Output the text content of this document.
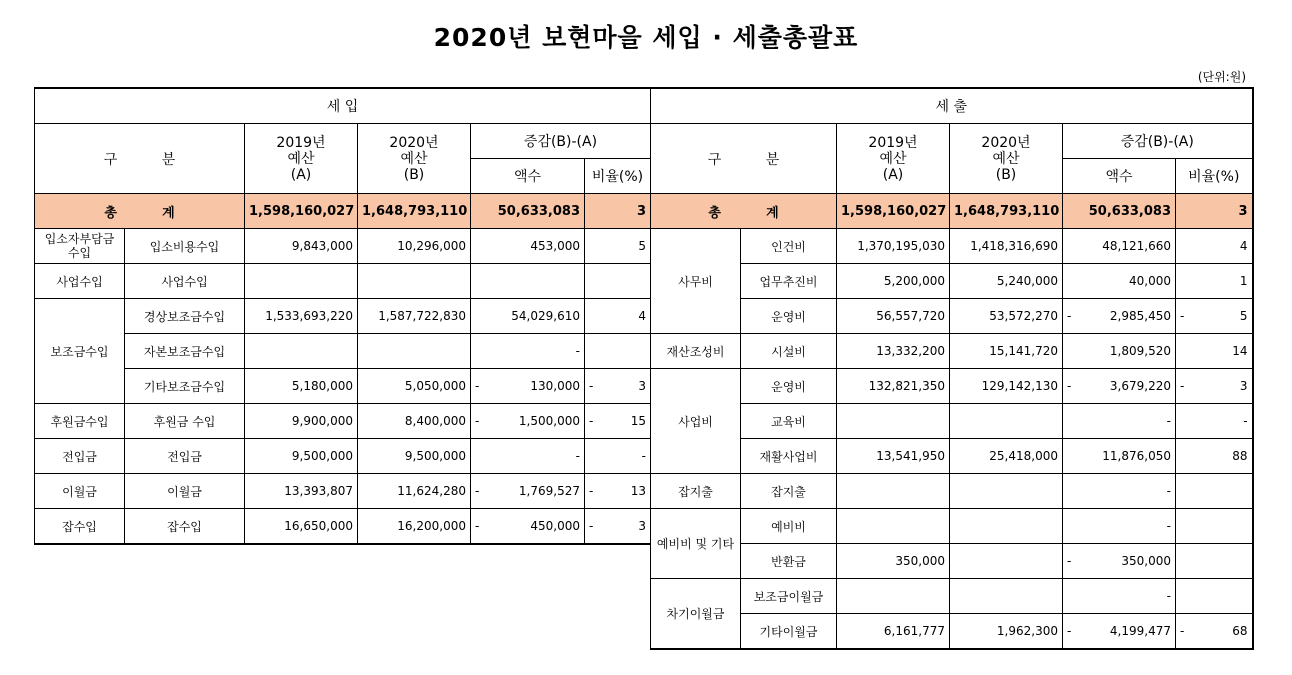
2020년 보현마을 세입 · 세출총괄표
(단위:원)
세 입					
구          분		2019년
예산
(A)	2020년
예산
(B)	증감(B)-(A)	
				액수	비율(%)
총          계		1,598,160,027	1,648,793,110	50,633,083	3
입소자부담금
수입	입소비용수입	9,843,000	10,296,000	453,000	5
사업수입	사업수입				
보조금수입	경상보조금수입	1,533,693,220	1,587,722,830	54,029,610	4
	자본보조금수입			-	
	기타보조금수입	5,180,000	5,050,000	- 130,000	- 3
후원금수입	후원금 수입	9,900,000	8,400,000	- 1,500,000	- 15
전입금	전입금	9,500,000	9,500,000	-	-
이월금	이월금	13,393,807	11,624,280	- 1,769,527	- 13
잡수입	잡수입	16,650,000	16,200,000	- 450,000	- 3
세 출					
구          분		2019년
예산
(A)	2020년
예산
(B)	증감(B)-(A)	
				액수	비율(%)
총          계		1,598,160,027	1,648,793,110	50,633,083	3
사무비	인건비	1,370,195,030	1,418,316,690	48,121,660	4
	업무추진비	5,200,000	5,240,000	40,000	1
	운영비	56,557,720	53,572,270	- 2,985,450	- 5
재산조성비	시설비	13,332,200	15,141,720	1,809,520	14
사업비	운영비	132,821,350	129,142,130	- 3,679,220	- 3
	교육비			-	-
	재활사업비	13,541,950	25,418,000	11,876,050	88
잡지출	잡지출			-	
예비비 및 기타	예비비			-	
	반환금	350,000		- 350,000	
차기이월금	보조금이월금			-	
	기타이월금	6,161,777	1,962,300	- 4,199,477	- 68
